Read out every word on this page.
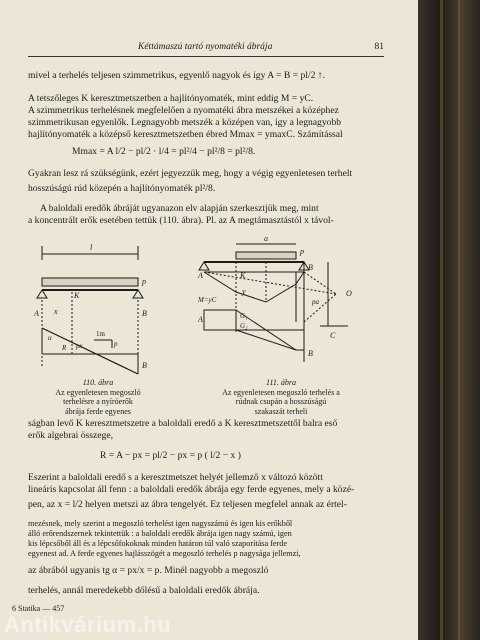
Kéttámaszú tartó nyomatéki ábrája	81
mivel a terhelés teljesen szimmetrikus, egyenlő nagyok és így A = B = pl/2 ↑.
A tetszőleges K keresztmetszetben a hajlítónyomaték, mint eddig M = yC.
A szimmetrikus terhelésnek megfelelően a nyomatéki ábra metszékei a középhez
szimmetrikusan egyenlők. Legnagyobb metszék a középen van, így a legnagyobb
hajlítónyomaték a középső keresztmetszetben ébred Mmax = ymaxC. Számítással
Mmax = A l/2 − pl/2 · l/4 = pl²/4 − pl²/8 = pl²/8.
Gyakran lesz rá szükségünk, ezért jegyezzük meg, hogy a végig egyenletesen terhelt
hosszúságú rúd közepén a hajlítónyomaték pl²/8.
A baloldali eredők ábráját ugyanazon elv alapján szerkesztjük meg, mint
a koncentrált erők esetében tettük (110. ábra). Pl. az A megtámasztástól x távol-
l
p
K
A x	B
1m
p
α
R px
B
110. ábra
Az egyenletesen megoszló
terhelésre a nyíróerők
ábrája ferde egyenes
a
p
A	K
B
y
M=yC	pa
O
C
A	G₁
G₂
B
111. ábra
Az egyenletesen megoszló terhelés a
rúdnak csupán a hosszúságú
szakaszát terheli
ságban levő K keresztmetszetre a baloldali eredő a K keresztmetszettől balra eső
erők algebrai összege,
R = A − px = pl/2 − px = p ( l/2 − x )
Eszerint a baloldali eredő s a keresztmetszet helyét jellemző x változó között
lineáris kapcsolat áll fenn : a baloldali eredők ábrája egy ferde egyenes, mely a közé-
pen, az x = l/2 helyen metszi az ábra tengelyét. Ez teljesen megfelel annak az értel-
mezésnek, mely szerint a megoszló terhelést igen nagyszámú és igen kis erőkből
álló erőrendszernek tekintettük : a baloldali eredők ábrája igen nagy számú, igen
kis lépcsőből áll és a lépcsőfokoknak minden határon túl való szaporítása ferde
egyenest ad. A ferde egyenes hajlásszögét a megoszló terhelés p nagysága jellemzi,
az ábrából ugyanis tg α = px/x = p. Minél nagyobb a megoszló
terhelés, annál meredekebb dőlésű a baloldali eredők ábrája.
6 Statika — 457
Antikvárium.hu
